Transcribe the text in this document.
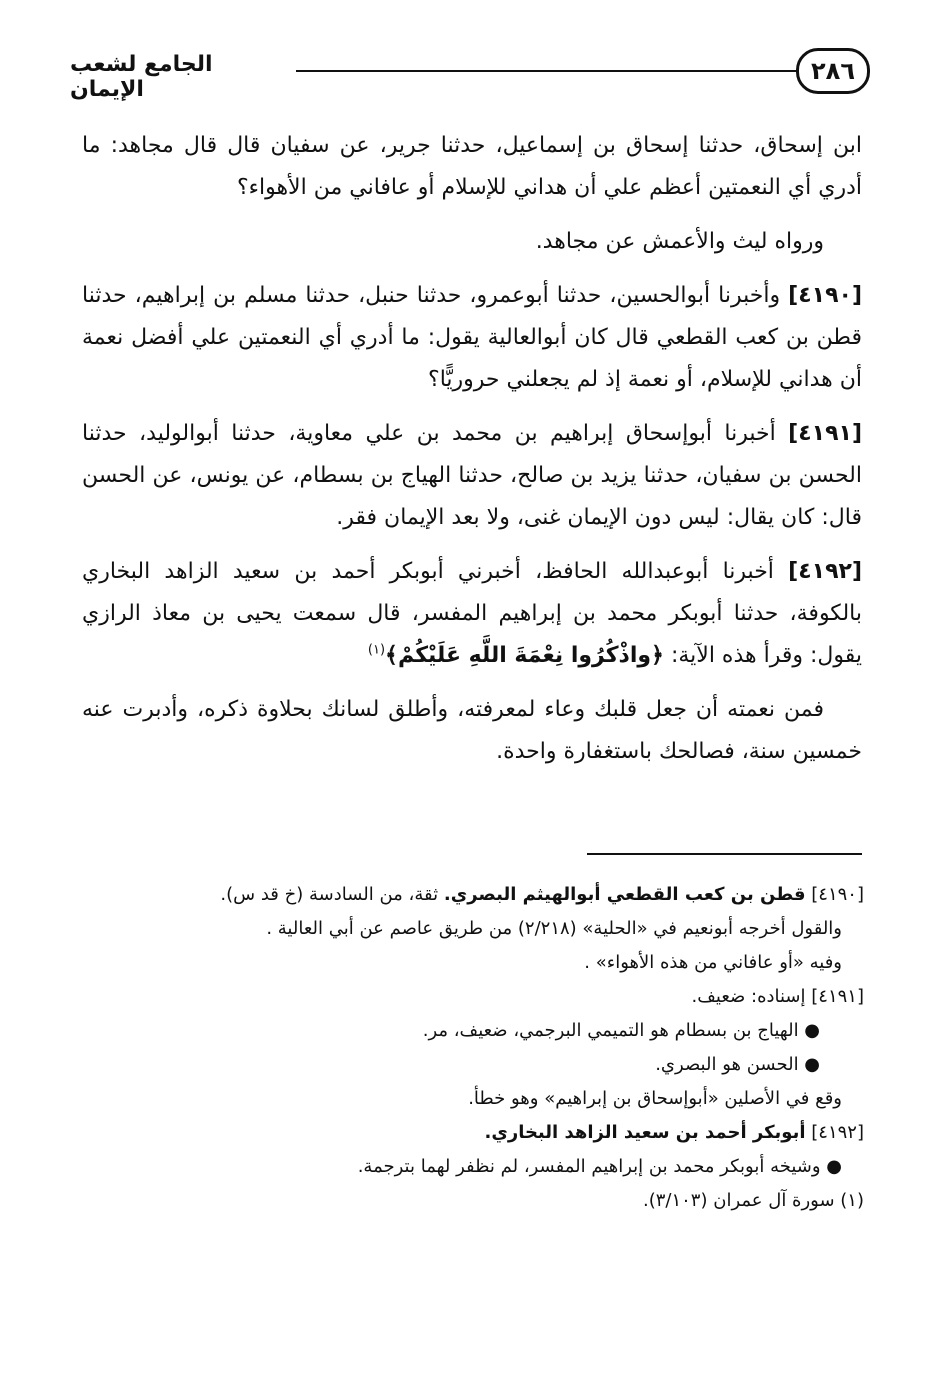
٢٨٦
الجامع لشعب الإيمان

ابن إسحاق، حدثنا إسحاق بن إسماعيل، حدثنا جرير، عن سفيان قال قال مجاهد: ما أدري أي النعمتين أعظم علي أن هداني للإسلام أو عافاني من الأهواء؟

ورواه ليث والأعمش عن مجاهد.

[٤١٩٠] وأخبرنا أبوالحسين، حدثنا أبوعمرو، حدثنا حنبل، حدثنا مسلم بن إبراهيم، حدثنا قطن بن كعب القطعي قال كان أبوالعالية يقول: ما أدري أي النعمتين علي أفضل نعمة أن هداني للإسلام، أو نعمة إذ لم يجعلني حروريًّا؟

[٤١٩١] أخبرنا أبوإسحاق إبراهيم بن محمد بن علي معاوية، حدثنا أبوالوليد، حدثنا الحسن بن سفيان، حدثنا يزيد بن صالح، حدثنا الهياج بن بسطام، عن يونس، عن الحسن قال: كان يقال: ليس دون الإيمان غنى، ولا بعد الإيمان فقر.

[٤١٩٢] أخبرنا أبوعبدالله الحافظ، أخبرني أبوبكر أحمد بن سعيد الزاهد البخاري بالكوفة، حدثنا أبوبكر محمد بن إبراهيم المفسر، قال سمعت يحيى بن معاذ الرازي يقول: وقرأ هذه الآية: ﴿واذْكُرُوا نِعْمَةَ اللَّهِ عَلَيْكُمْ﴾$^{(١)}$

فمن نعمته أن جعل قلبك وعاء لمعرفته، وأطلق لسانك بحلاوة ذكره، وأدبرت عنه خمسين سنة، فصالحك باستغفارة واحدة.

[٤١٩٠] قطن بن كعب القطعي أبوالهيثم البصري. ثقة، من السادسة (خ قد س).
والقول أخرجه أبونعيم في «الحلية» (٢/٢١٨) من طريق عاصم عن أبي العالية .
وفيه «أو عافاني من هذه الأهواء» .
[٤١٩١] إسناده: ضعيف.
● الهياج بن بسطام هو التميمي البرجمي، ضعيف، مر.
● الحسن هو البصري.
وقع في الأصلين «أبوإسحاق بن إبراهيم» وهو خطأ.
[٤١٩٢] أبوبكر أحمد بن سعيد الزاهد البخاري.
● وشيخه أبوبكر محمد بن إبراهيم المفسر، لم نظفر لهما بترجمة.
(١) سورة آل عمران (٣/١٠٣).
